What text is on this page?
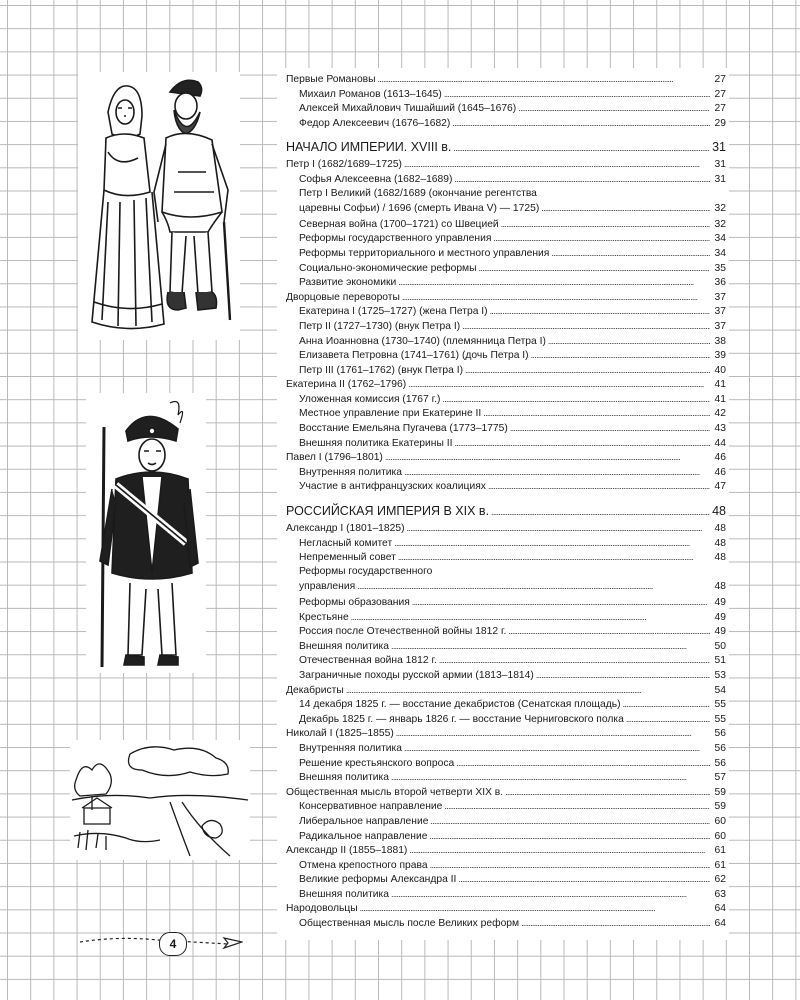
Первые Романовы . . .	27
Михаил Романов (1613–1645) . . .	27
Алексей Михайлович Тишайший (1645–1676) . . .	27
Федор Алексеевич (1676–1682) . . .	29
НАЧАЛО ИМПЕРИИ. XVIII в. . . .	31
Петр I (1682/1689–1725) . . .	31
Софья Алексеевна (1682–1689) . . .	31
Петр I Великий (1682/1689 (окончание регентства
царевны Софьи) / 1696 (смерть Ивана V) — 1725) . . .	32
Северная война (1700–1721) со Швецией . . .	32
Реформы государственного управления . . .	34
Реформы территориального и местного управления . . .	34
Социально-экономические реформы . . .	35
Развитие экономики . . .	36
Дворцовые перевороты . . .	37
Екатерина I (1725–1727) (жена Петра I) . . .	37
Петр II (1727–1730) (внук Петра I) . . .	37
Анна Иоанновна (1730–1740) (племянница Петра I) . . .	38
Елизавета Петровна (1741–1761) (дочь Петра I) . . .	39
Петр III (1761–1762) (внук Петра I) . . .	40
Екатерина II (1762–1796) . . .	41
Уложенная комиссия (1767 г.) . . .	41
Местное управление при Екатерине II . . .	42
Восстание Емельяна Пугачева (1773–1775) . . .	43
Внешняя политика Екатерины II . . .	44
Павел I (1796–1801) . . .	46
Внутренняя политика . . .	46
Участие в антифранцузских коалициях . . .	47
РОССИЙСКАЯ ИМПЕРИЯ В XIX в. . . .	48
Александр I (1801–1825) . . .	48
Негласный комитет . . .	48
Непременный совет . . .	48
Реформы государственного
управления . . .	48
Реформы образования . . .	49
Крестьяне . . .	49
Россия после Отечественной войны 1812 г. . . .	49
Внешняя политика . . .	50
Отечественная война 1812 г. . . .	51
Заграничные походы русской армии (1813–1814) . . .	53
Декабристы . . .	54
14 декабря 1825 г. — восстание декабристов (Сенатская площадь) . . .	55
Декабрь 1825 г. — январь 1826 г. — восстание Черниговского полка . . .	55
Николай I (1825–1855) . . .	56
Внутренняя политика . . .	56
Решение крестьянского вопроса . . .	56
Внешняя политика . . .	57
Общественная мысль второй четверти XIX в. . . .	59
Консервативное направление . . .	59
Либеральное направление . . .	60
Радикальное направление . . .	60
Александр II (1855–1881) . . .	61
Отмена крепостного права . . .	61
Великие реформы Александра II . . .	62
Внешняя политика . . .	63
Народовольцы . . .	64
Общественная мысль после Великих реформ . . .	64
4
